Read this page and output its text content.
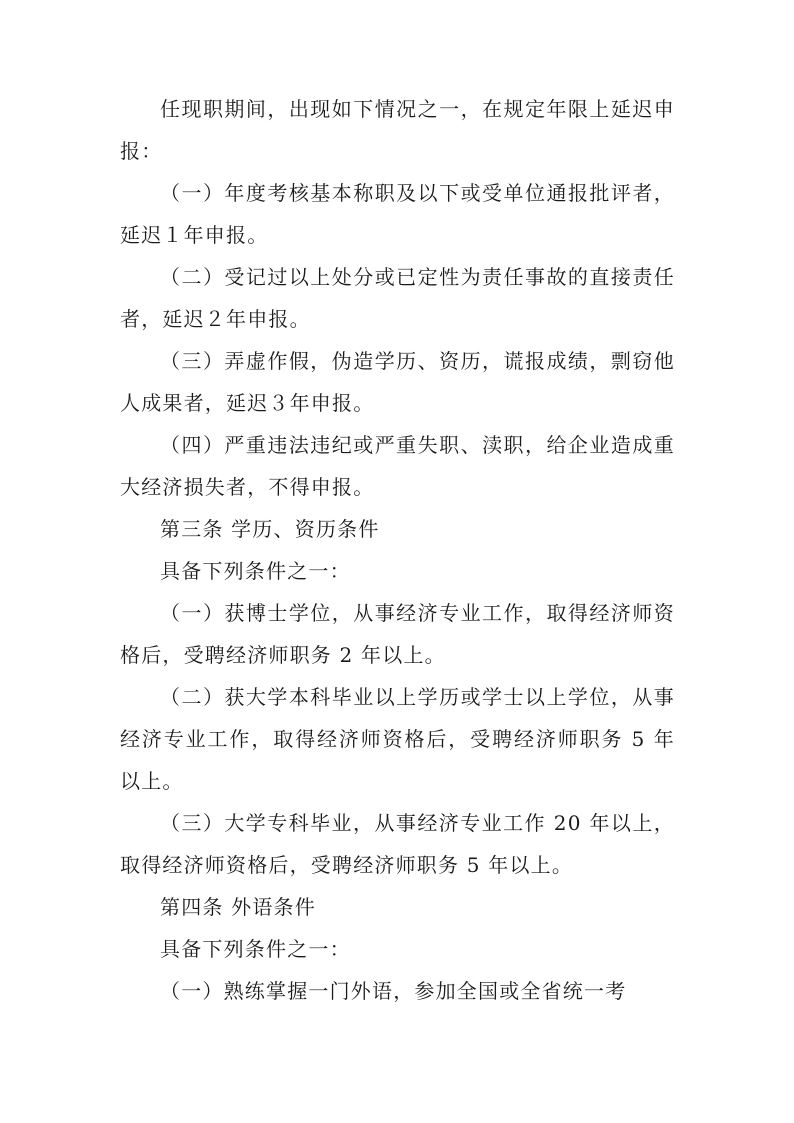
任现职期间，出现如下情况之一，在规定年限上延迟申报：

（一）年度考核基本称职及以下或受单位通报批评者，延迟１年申报。

（二）受记过以上处分或已定性为责任事故的直接责任者，延迟２年申报。

（三）弄虚作假，伪造学历、资历，谎报成绩，剽窃他人成果者，延迟３年申报。

（四）严重违法违纪或严重失职、渎职，给企业造成重大经济损失者，不得申报。

第三条 学历、资历条件

具备下列条件之一：

（一）获博士学位，从事经济专业工作，取得经济师资格后，受聘经济师职务 2 年以上。

（二）获大学本科毕业以上学历或学士以上学位，从事经济专业工作，取得经济师资格后，受聘经济师职务 5 年以上。

（三）大学专科毕业，从事经济专业工作 20 年以上，取得经济师资格后，受聘经济师职务 5 年以上。

第四条 外语条件

具备下列条件之一：

（一）熟练掌握一门外语，参加全国或全省统一考
